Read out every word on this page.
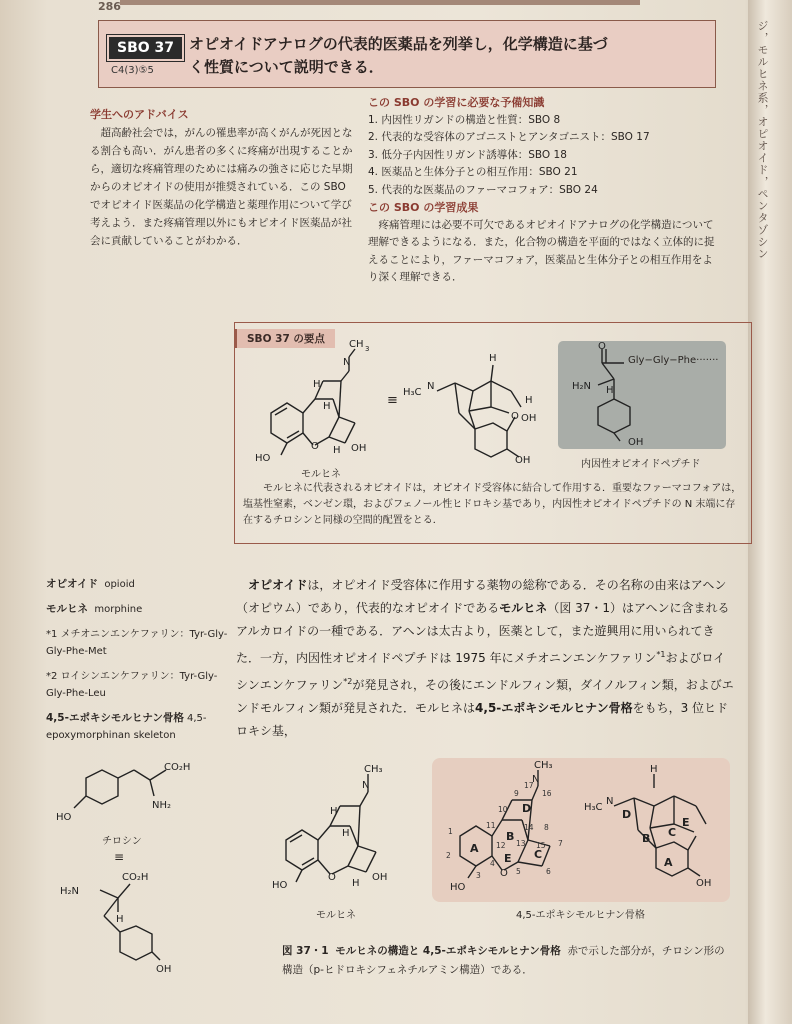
ジ，モルヒネ系，オピオイド，ペンタゾシン
286
SBO 37
C4(3)⑤5
オピオイドアナログの代表的医薬品を列挙し，化学構造に基づ
く性質について説明できる．
学生へのアドバイス

超高齢社会では，がんの罹患率が高くがんが死因となる割合も高い．がん患者の多くに疼痛が出現することから，適切な疼痛管理のためには痛みの強さに応じた早期からのオピオイドの使用が推奨されている．この SBO でオピオイド医薬品の化学構造と薬理作用について学び考えよう．また疼痛管理以外にもオピオイド医薬品が社会に貢献していることがわかる．

この SBO の学習に必要な予備知識
1. 内因性リガンドの構造と性質：SBO 8
2. 代表的な受容体のアゴニストとアンタゴニスト：SBO 17
3. 低分子内因性リガンド誘導体：SBO 18
4. 医薬品と生体分子との相互作用：SBO 21
5. 代表的な医薬品のファーマコフォア：SBO 24
この SBO の学習成果

疼痛管理には必要不可欠であるオピオイドアナログの化学構造について理解できるようになる．また，化合物の構造を平面的ではなく立体的に捉えることにより，ファーマコフォア，医薬品と生体分子との相互作用をより深く理解できる．

SBO 37 の要点
N
CH 3
O
HO
OH
H
H
H
モルヒネ
≡
H₃C
N
H
O OH
H
OH
O
H₂N H
OH
Gly−Gly−Phe·······
内因性オピオイドペプチド
モルヒネに代表されるオピオイドは，オピオイド受容体に結合して作用する．重要なファーマコフォアは，塩基性窒素，ベンゼン環，およびフェノール性ヒドロキシ基であり，内因性オピオイドペプチドの N 末端に存在するチロシンと同様の空間的配置をとる．
オピオイド opioid
モルヒネ morphine
*1 メチオニンエンケファリン：Tyr-Gly-Gly-Phe-Met
*2 ロイシンエンケファリン：Tyr-Gly-Gly-Phe-Leu
4,5-エポキシモルヒナン骨格 4,5-epoxymorphinan skeleton
CO₂H
NH₂
HO
チロシン
≡
H₂N
CO₂H
H
OH

オピオイドは，オピオイド受容体に作用する薬物の総称である．その名称の由来はアヘン（オピウム）であり，代表的なオピオイドであるモルヒネ（図 37・1）はアヘンに含まれるアルカロイドの一種である．アヘンは太古より，医薬として，また遊興用に用いられてきた．一方，内因性オピオイドペプチドは 1975 年にメチオニンエンケファリン$^{*1}$およびロイシンエンケファリン$^{*2}$が発見され，その後にエンドルフィン類，ダイノルフィン類，およびエンドモルフィン類が発見された．モルヒネは4,5-エポキシモルヒナン骨格をもち，3 位ヒドロキシ基，

N
CH₃
O
HO
OH
H
H
H
モルヒネ
N
CH₃
O
HO
A
B
C
D
E
1
2
3
4
5	6
7
8
9
10
11
12 13
14
15
16
17
H₃C
N
H
OH
A
B C
D
E
4,5-エポキシモルヒナン骨格
図 37・1 モルヒネの構造と 4,5-エポキシモルヒナン骨格 赤で示した部分が，チロシン形の構造（p-ヒドロキシフェネチルアミン構造）である．
